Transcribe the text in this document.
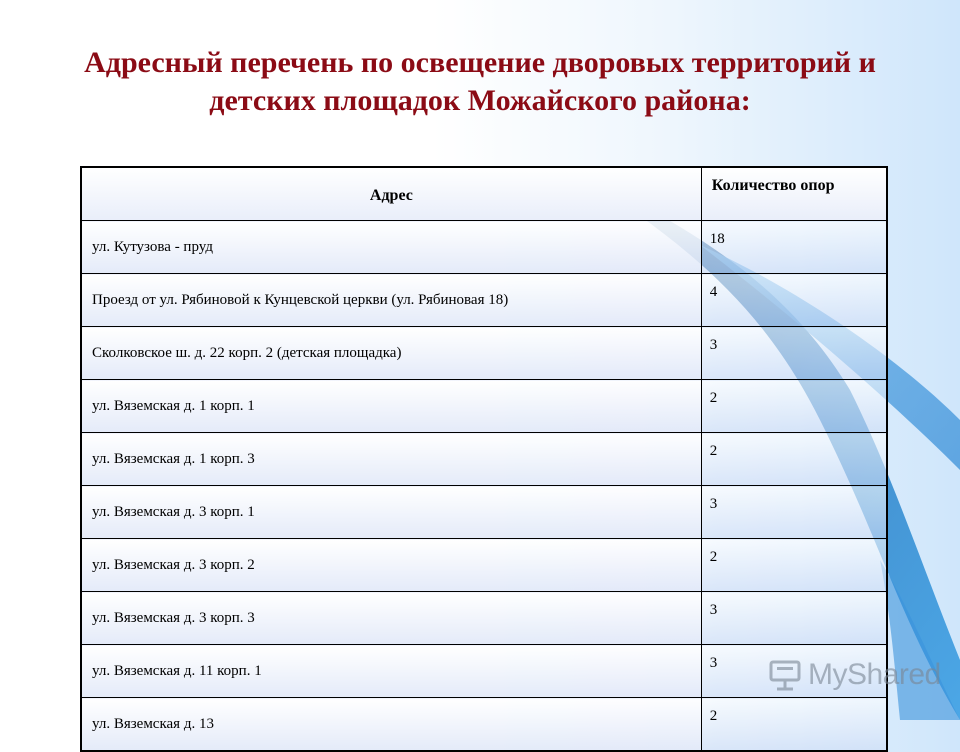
Адресный перечень по освещение дворовых территорий и
детских площадок Можайского района:
Адрес	Количество опор
ул. Кутузова - пруд	18
Проезд от ул. Рябиновой к Кунцевской церкви (ул. Рябиновая 18)	4
Сколковское ш. д. 22 корп. 2 (детская площадка)	3
ул. Вяземская д. 1 корп. 1	2
ул. Вяземская д. 1 корп. 3	2
ул. Вяземская д. 3 корп. 1	3
ул. Вяземская д. 3 корп. 2	2
ул. Вяземская д. 3 корп. 3	3
ул. Вяземская д. 11 корп. 1	3
ул. Вяземская д. 13	2
MyShared
